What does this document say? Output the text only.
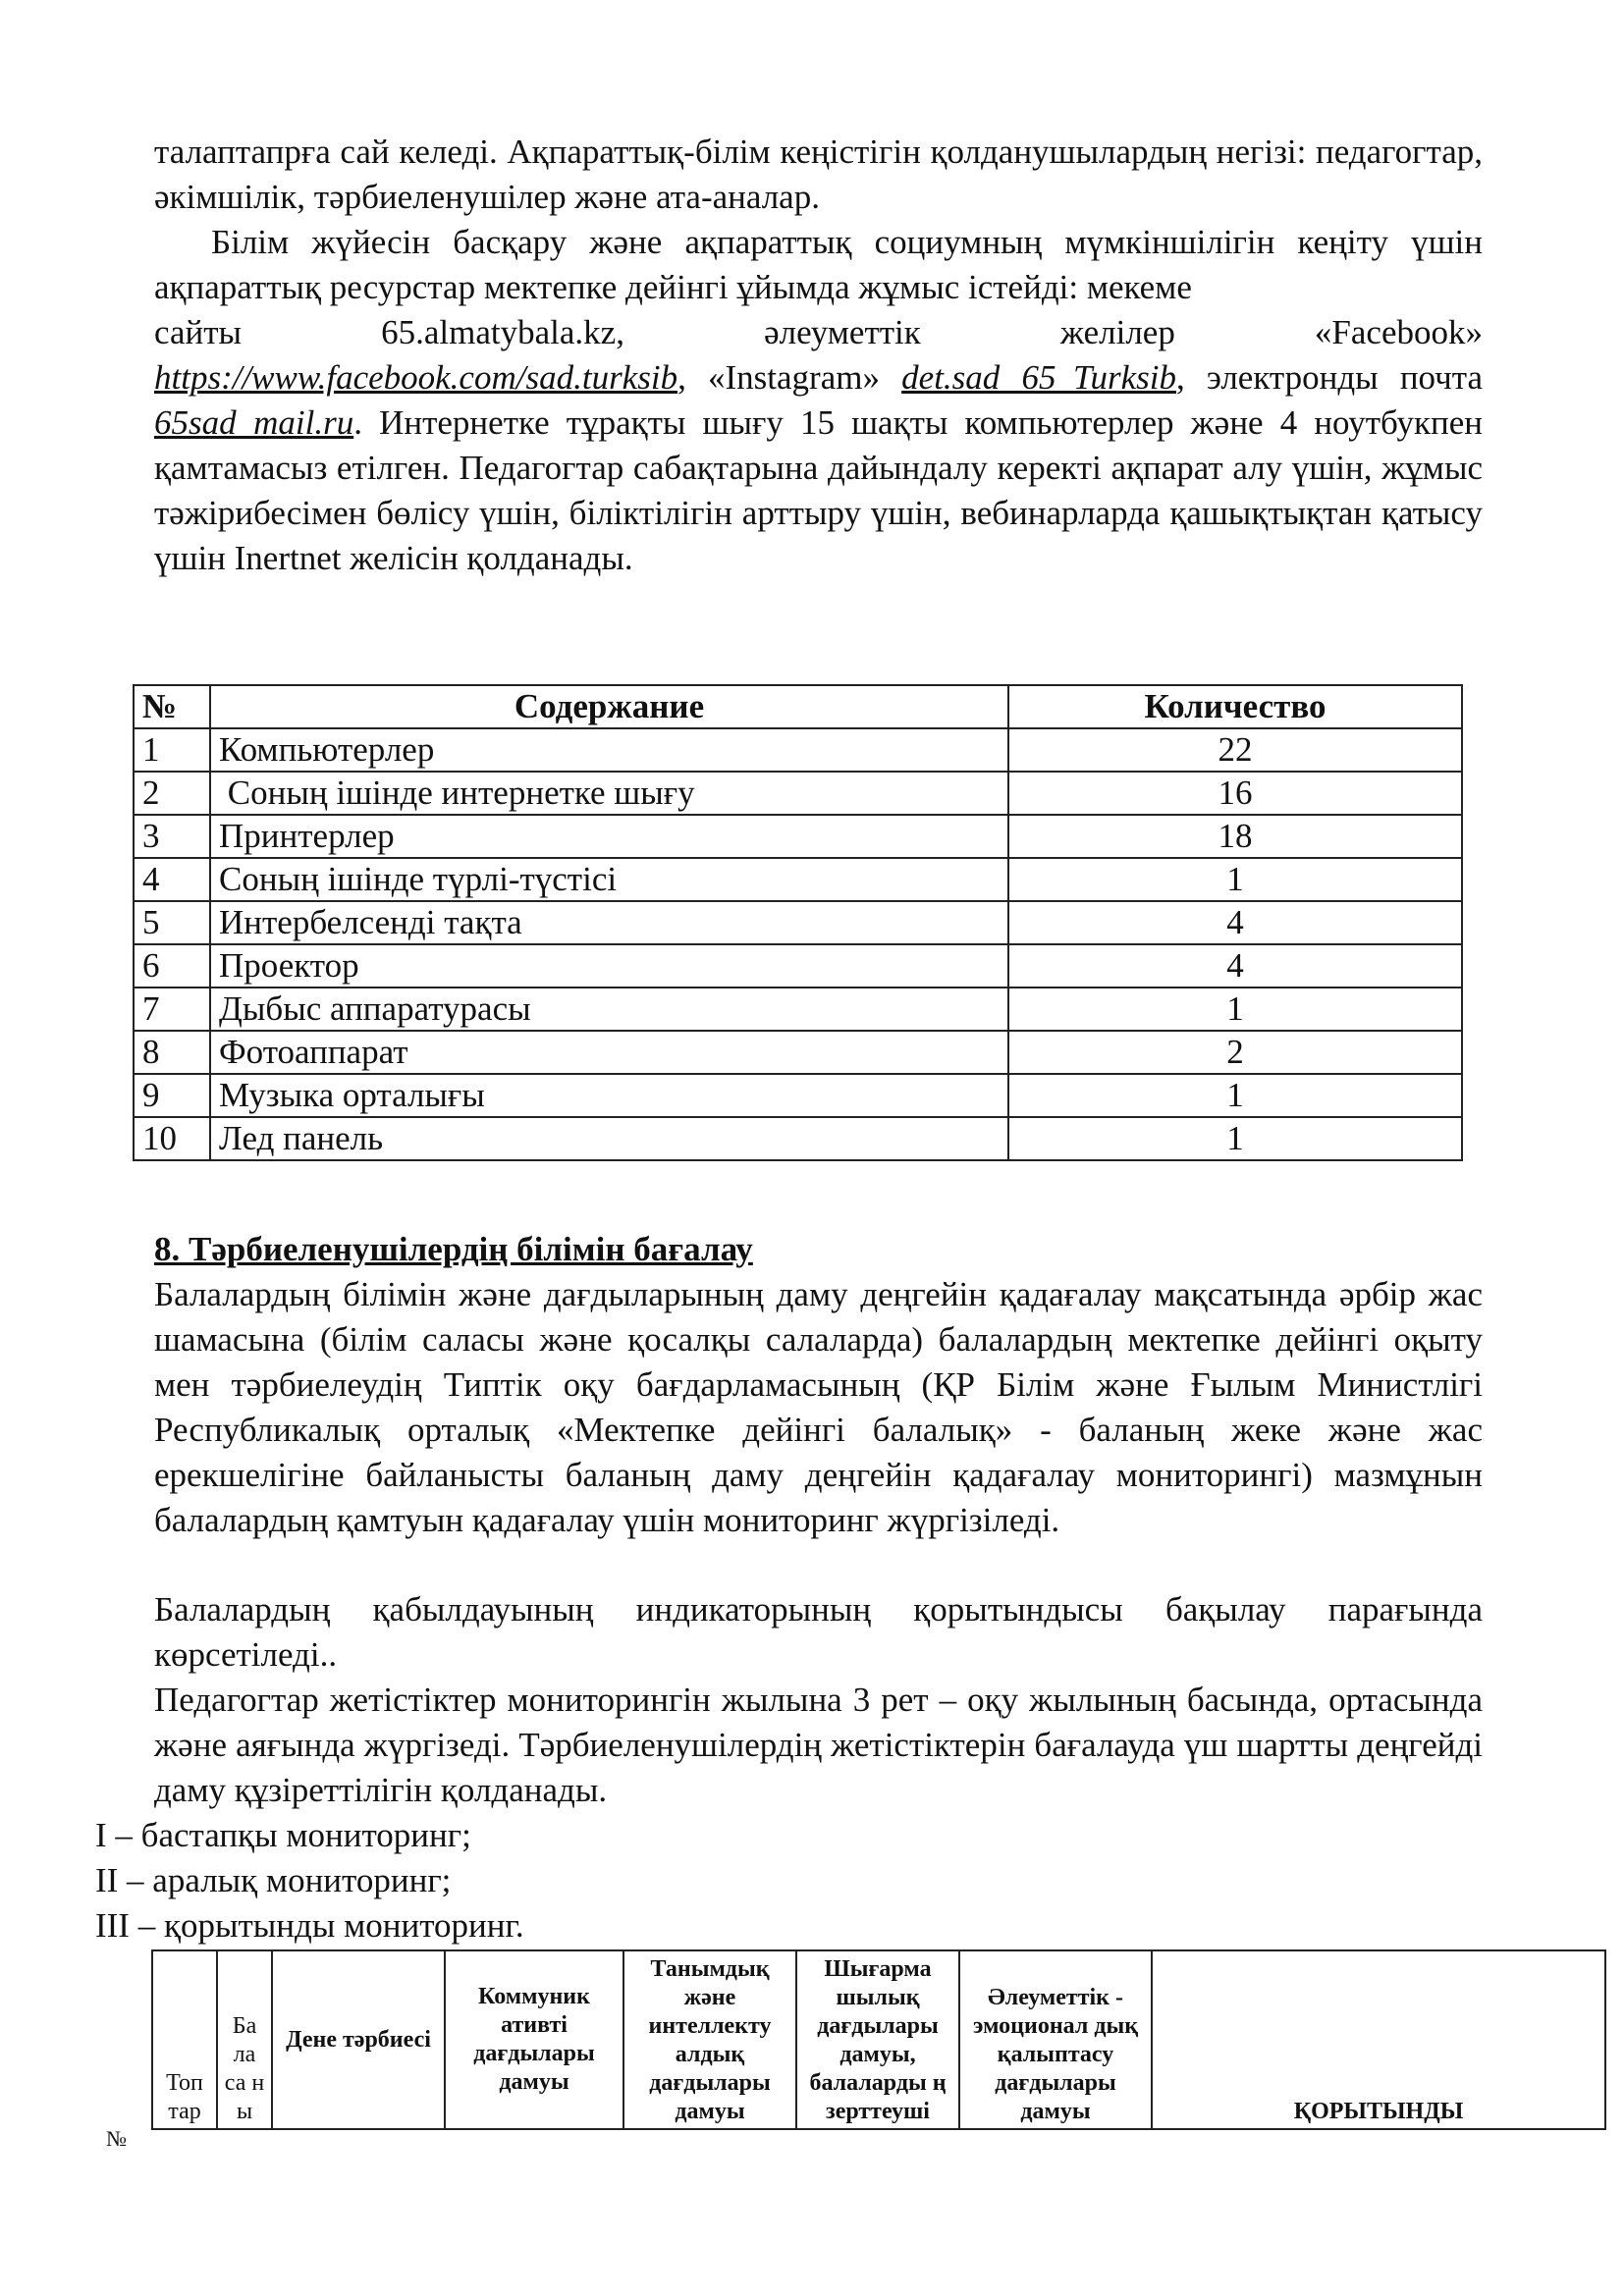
талаптапрға сай келеді. Ақпараттық-білім кеңістігін қолданушылардың негізі: педагогтар, әкімшілік, тәрбиеленушілер және ата-аналар.

Білім жүйесін басқару және ақпараттық социумның мүмкіншілігін кеңіту үшін ақпараттық ресурстар мектепке дейінгі ұйымда жұмыс істейді: мекеме
сайты	65.almatybala.kz,	әлеуметтік	желілер	«Facebook»
https://www.facebook.com/sad.turksib, «Instagram» det.sad 65_Turksib, электронды почта 65sad_mail.ru. Интернетке тұрақты шығу 15 шақты компьютерлер және 4 ноутбукпен қамтамасыз етілген. Педагогтар сабақтарына дайындалу керекті ақпарат алу үшін, жұмыс тәжірибесімен бөлісу үшін, біліктілігін арттыру үшін, вебинарларда қашықтықтан қатысу үшін Inertnet желісін қолданады.

№	Содержание	Количество
1	Компьютерлер	22
2	Соның ішінде интернетке шығу	16
3	Принтерлер	18
4	Соның ішінде түрлі-түстісі	1
5	Интербелсенді тақта	4
6	Проектор	4
7	Дыбыс аппаратурасы	1
8	Фотоаппарат	2
9	Музыка орталығы	1
10	Лед панель	1

8. Тәрбиеленушілердің білімін бағалау

Балалардың білімін және дағдыларының даму деңгейін қадағалау мақсатында әрбір жас шамасына (білім саласы және қосалқы салаларда) балалардың мектепке дейінгі оқыту мен тәрбиелеудің Типтік оқу бағдарламасының (ҚР Білім және Ғылым Министлігі Республикалық орталық «Мектепке дейінгі балалық» - баланың жеке және жас ерекшелігіне байланысты баланың даму деңгейін қадағалау мониторингі) мазмұнын балалардың қамтуын қадағалау үшін мониторинг жүргізіледі.

Балалардың қабылдауының индикаторының қорытындысы бақылау парағында көрсетіледі..

Педагогтар жетістіктер мониторингін жылына 3 рет – оқу жылының басында, ортасында және аяғында жүргізеді. Тәрбиеленушілердің жетістіктерін бағалауда үш шартты деңгейді даму құзіреттілігін қолданады.

І – бастапқы мониторинг;

ІІ – аралық мониторинг;

ІІІ – қорытынды мониторинг.

№
Топ тар	Ба ла са н ы	Дене тәрбиесі	Коммуник ативті дағдылары дамуы	Танымдық және интеллекту алдық дағдылары дамуы	Шығарма шылық дағдылары дамуы, балаларды ң зерттеуші	Әлеуметтік - эмоционал дық қалыптасу дағдылары дамуы	ҚОРЫТЫНДЫ
